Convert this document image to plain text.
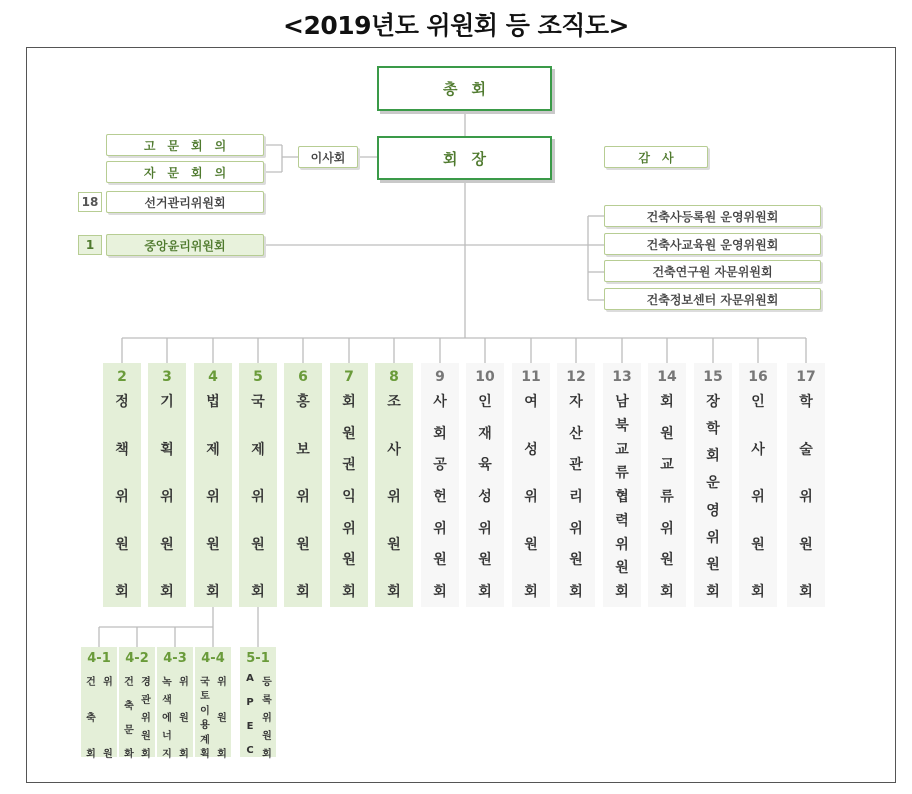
<2019년도 위원회 등 조직도>
총회
회장
이사회	감사
고문회의
자문회의
18	선거관리위원회
1	중앙윤리위원회
건축사등록원 운영위원회
건축사교육원 운영위원회
건축연구원 자문위원회
건축정보센터 자문위원회
2
정
책
위
원
회
3
기
획
위
원
회
4
법
제
위
원
회
5
국
제
위
원
회
6
홍
보
위
원
회
7
회
원
권
익
위
원
회
8
조
사
위
원
회
9
사
회
공
헌
위
원
회
10
인
재
육
성
위
원
회
11
여
성
위
원
회
12
자
산
관
리
위
원
회
13
남
북
교
류
협
력
위
원
회
14
회
원
교
류
위
원
회
15
장
학
회
운
영
위
원
회
16
인
사
위
원
회
17
학
술
위
원
회
4-1
건
축
회
위
원
4-2
건
축
문
화
경
관
위
원
회
4-3
녹
색
에
너
지
위
원
회
4-4
국
토
이
용
계
획
위
원
회
5-1
A
P
E
C
등
록
위
원
회
